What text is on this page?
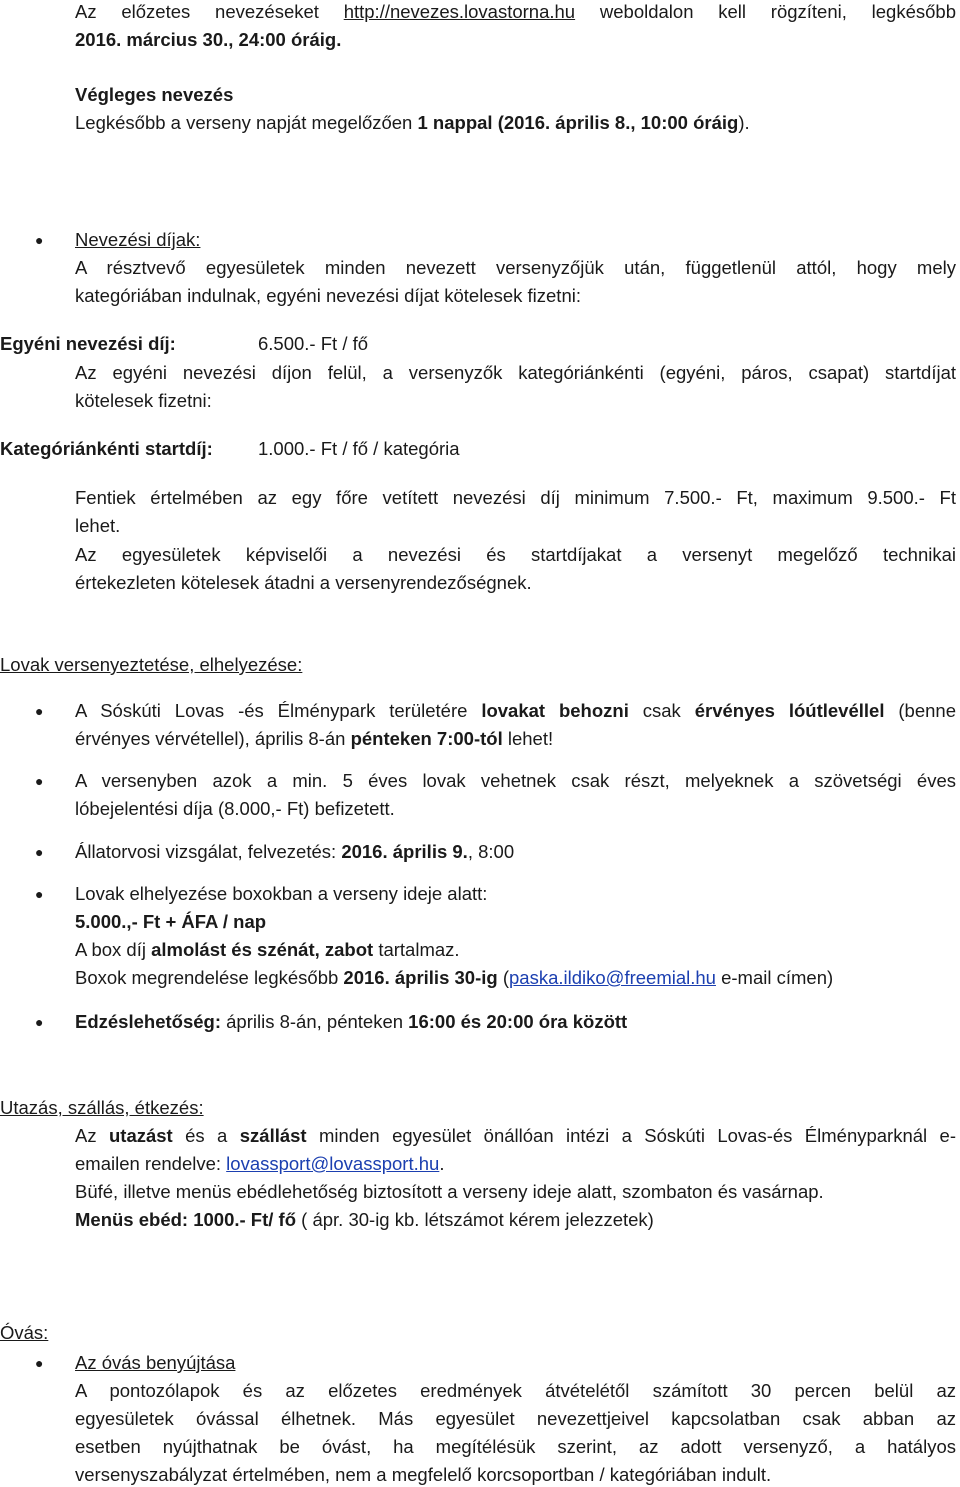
Az előzetes nevezéseket http://nevezes.lovastorna.hu weboldalon kell rögzíteni, legkésőbb
2016. március 30., 24:00 óráig.
Végleges nevezés
Legkésőbb a verseny napját megelőzően 1 nappal (2016. április 8., 10:00 óráig).
● Nevezési díjak:
A résztvevő egyesületek minden nevezett versenyzőjük után, függetlenül attól, hogy mely
kategóriában indulnak, egyéni nevezési díjat kötelesek fizetni:
Egyéni nevezési díj:	6.500.- Ft / fő
Az egyéni nevezési díjon felül, a versenyzők kategóriánkénti (egyéni, páros, csapat) startdíjat
kötelesek fizetni:
Kategóriánkénti startdíj: 1.000.- Ft / fő / kategória
Fentiek értelmében az egy főre vetített nevezési díj minimum 7.500.- Ft, maximum 9.500.- Ft
lehet.
Az egyesületek képviselői a nevezési és startdíjakat a versenyt megelőző technikai
értekezleten kötelesek átadni a versenyrendezőségnek.
Lovak versenyeztetése, elhelyezése:
● A Sóskúti Lovas -és Élménypark területére lovakat behozni csak érvényes lóútlevéllel (benne
érvényes vérvétellel), április 8-án pénteken 7:00-tól lehet!
● A versenyben azok a min. 5 éves lovak vehetnek csak részt, melyeknek a szövetségi éves
lóbejelentési díja (8.000,- Ft) befizetett.
● Állatorvosi vizsgálat, felvezetés: 2016. április 9., 8:00
● Lovak elhelyezése boxokban a verseny ideje alatt:
5.000.,- Ft + ÁFA / nap
A box díj almolást és szénát, zabot tartalmaz.
Boxok megrendelése legkésőbb 2016. április 30-ig (paska.ildiko@freemial.hu e-mail címen)
● Edzéslehetőség: április 8-án, pénteken 16:00 és 20:00 óra között
Utazás, szállás, étkezés:
Az utazást és a szállást minden egyesület önállóan intézi a Sóskúti Lovas-és Élményparknál e-
emailen rendelve: lovassport@lovassport.hu.
Büfé, illetve menüs ebédlehetőség biztosított a verseny ideje alatt, szombaton és vasárnap.
Menüs ebéd: 1000.- Ft/ fő ( ápr. 30-ig kb. létszámot kérem jelezzetek)
Óvás:
● Az óvás benyújtása
A pontozólapok és az előzetes eredmények átvételétől számított 30 percen belül az
egyesületek óvással élhetnek. Más egyesület nevezettjeivel kapcsolatban csak abban az
esetben nyújthatnak be óvást, ha megítélésük szerint, az adott versenyző, a hatályos
versenyszabályzat értelmében, nem a megfelelő korcsoportban / kategóriában indult.
